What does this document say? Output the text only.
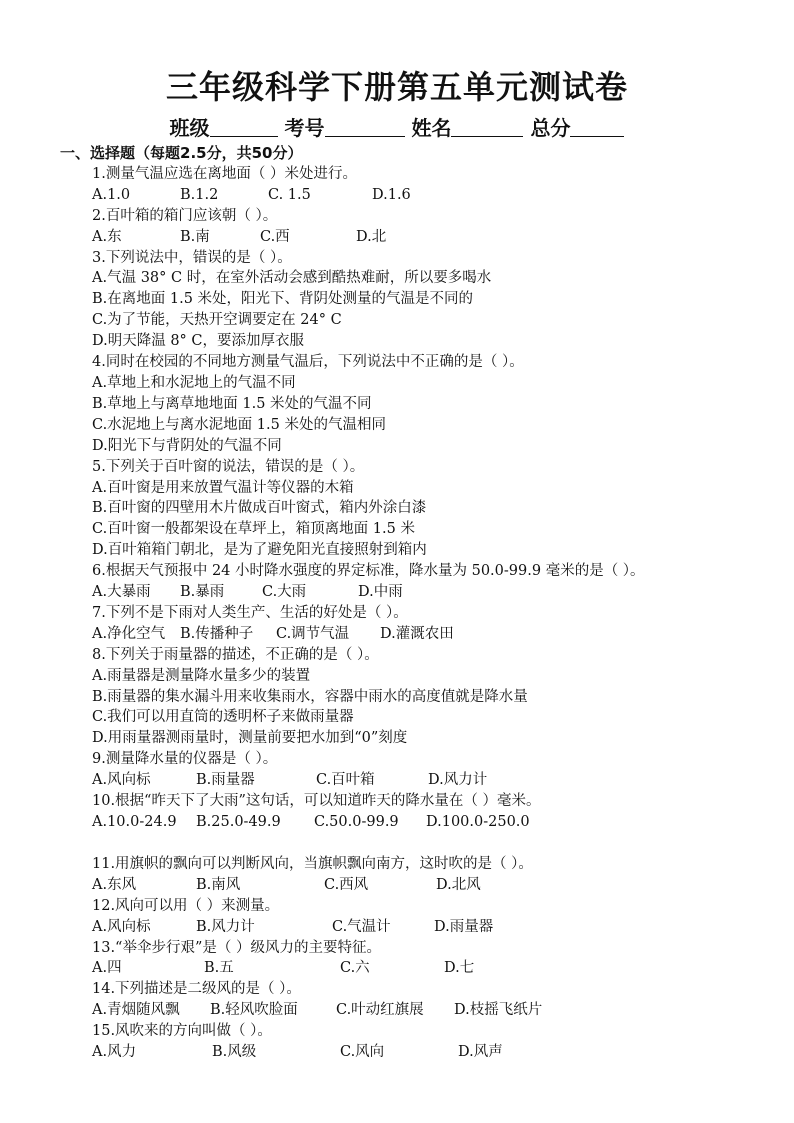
三年级科学下册第五单元测试卷
班级	考号	姓名	总分
一、选择题（每题2.5分，共50分）
1.测量气温应选在离地面（ ）米处进行。
A.1.0	B.1.2	C. 1.5	D.1.6
2.百叶箱的箱门应该朝（ ）。
A.东	B.南	C.西	D.北
3.下列说法中，错误的是（ ）。
A.气温 38° C 时，在室外活动会感到酷热难耐，所以要多喝水
B.在离地面 1.5 米处，阳光下、背阴处测量的气温是不同的
C.为了节能，天热开空调要定在 24° C
D.明天降温 8° C，要添加厚衣服
4.同时在校园的不同地方测量气温后，下列说法中不正确的是（ ）。
A.草地上和水泥地上的气温不同
B.草地上与离草地地面 1.5 米处的气温不同
C.水泥地上与离水泥地面 1.5 米处的气温相同
D.阳光下与背阴处的气温不同
5.下列关于百叶窗的说法，错误的是（ ）。
A.百叶窗是用来放置气温计等仪器的木箱
B.百叶窗的四壁用木片做成百叶窗式，箱内外涂白漆
C.百叶窗一般都架设在草坪上，箱顶离地面 1.5 米
D.百叶箱箱门朝北，是为了避免阳光直接照射到箱内
6.根据天气预报中 24 小时降水强度的界定标准，降水量为 50.0-99.9 毫米的是（ ）。
A.大暴雨 B.暴雨	C.大雨	D.中雨
7.下列不是下雨对人类生产、生活的好处是（ ）。
A.净化空气 B.传播种子 C.调节气温 D.灌溉农田
8.下列关于雨量器的描述，不正确的是（ ）。
A.雨量器是测量降水量多少的装置
B.雨量器的集水漏斗用来收集雨水，容器中雨水的高度值就是降水量
C.我们可以用直筒的透明杯子来做雨量器
D.用雨量器测雨量时，测量前要把水加到“0”刻度
9.测量降水量的仪器是（ ）。
A.风向标	B.雨量器	C.百叶箱	D.风力计
10.根据“昨天下了大雨”这句话，可以知道昨天的降水量在（ ）毫米。
A.10.0-24.9 B.25.0-49.9 C.50.0-99.9 D.100.0-250.0
11.用旗帜的飘向可以判断风向，当旗帜飘向南方，这时吹的是（ ）。
A.东风	B.南风	C.西风	D.北风
12.风向可以用（ ）来测量。
A.风向标	B.风力计	C.气温计	D.雨量器
13.“举伞步行艰”是（ ）级风力的主要特征。
A.四	B.五	C.六	D.七
14.下列描述是二级风的是（ ）。
A.青烟随风飘 B.轻风吹脸面	C.叶动红旗展 D.枝摇飞纸片
15.风吹来的方向叫做（ ）。
A.风力	B.风级	C.风向	D.风声
